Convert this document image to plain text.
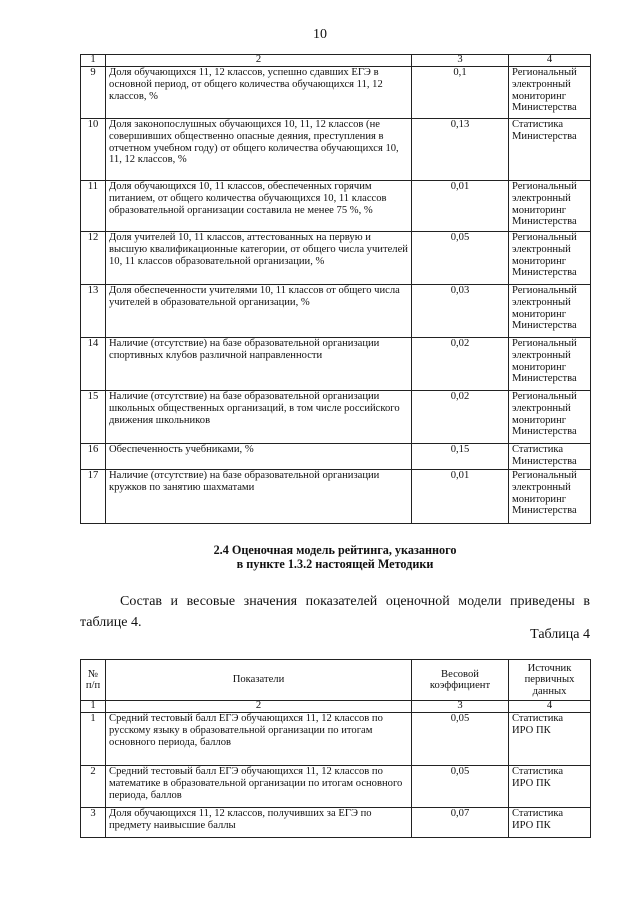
10
1	2	3	4
9	Доля обучающихся 11, 12 классов, успешно сдавших ЕГЭ в основной период, от общего количества обучающихся 11, 12 классов, %	0,1	Региональный электронный мониторинг Министерства
10	Доля законопослушных обучающихся 10, 11, 12 классов (не совершивших общественно опасные деяния, преступления в отчетном учебном году) от общего количества обучающихся 10, 11, 12 классов, %	0,13	Статистика Министерства
11	Доля обучающихся 10, 11 классов, обеспеченных горячим питанием, от общего количества обучающихся 10, 11 классов образовательной организации составила не менее 75 %, %	0,01	Региональный электронный мониторинг Министерства
12	Доля учителей 10, 11 классов, аттестованных на первую и высшую квалификационные категории, от общего числа учителей 10, 11 классов образовательной организации, %	0,05	Региональный электронный мониторинг Министерства
13	Доля обеспеченности учителями 10, 11 классов от общего числа учителей в образовательной организации, %	0,03	Региональный электронный мониторинг Министерства
14	Наличие (отсутствие) на базе образовательной организации спортивных клубов различной направленности	0,02	Региональный электронный мониторинг Министерства
15	Наличие (отсутствие) на базе образовательной организации школьных общественных организаций, в том числе российского движения школьников	0,02	Региональный электронный мониторинг Министерства
16	Обеспеченность учебниками, %	0,15	Статистика Министерства
17	Наличие (отсутствие) на базе образовательной организации кружков по занятию шахматами	0,01	Региональный электронный мониторинг Министерства
2.4 Оценочная модель рейтинга, указанного
в пункте 1.3.2 настоящей Методики
Состав и весовые значения показателей оценочной модели приведены в таблице 4.
Таблица 4
№ п/п	Показатели	Весовой коэффициент	Источник первичных данных
1	2	3	4
1	Средний тестовый балл ЕГЭ обучающихся 11, 12 классов по русскому языку в образовательной организации по итогам основного периода, баллов	0,05	Статистика ИРО ПК
2	Средний тестовый балл ЕГЭ обучающихся 11, 12 классов по математике в образовательной организации по итогам основного периода, баллов	0,05	Статистика ИРО ПК
3	Доля обучающихся 11, 12 классов, получивших за ЕГЭ по предмету наивысшие баллы	0,07	Статистика ИРО ПК
